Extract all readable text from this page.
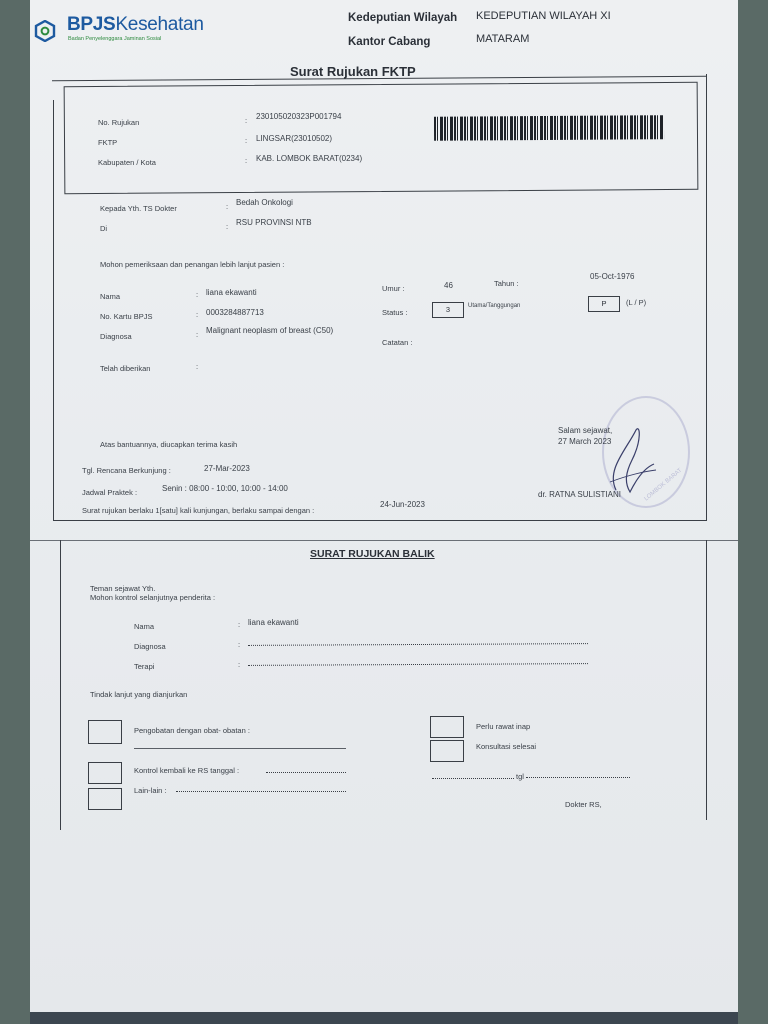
BPJSKesehatan
Badan Penyelenggara Jaminan Sosial
Kedeputian Wilayah KEDEPUTIAN WILAYAH XI
Kantor Cabang	MATARAM
Surat Rujukan FKTP
No. Rujukan	: 230105020323P001794
FKTP	: LINGSAR(23010502)
Kabupaten / Kota	: KAB. LOMBOK BARAT(0234)
Kepada Yth. TS Dokter	: Bedah Onkologi
Di	: RSU PROVINSI NTB
Mohon pemeriksaan dan penangan lebih lanjut pasien :
Nama	: liana ekawanti
No. Kartu BPJS	: 0003284887713
Diagnosa	: Malignant neoplasm of breast (C50)
Umur :	46	Tahun :
05-Oct-1976
Status :	3	Utama/Tanggungan	P	(L / P)
Catatan :
Telah diberikan	:
Atas bantuannya, diucapkan terima kasih
Tgl. Rencana Berkunjung :	27-Mar-2023
Jadwal Praktek :	Senin : 08:00 - 10:00, 10:00 - 14:00
Surat rujukan berlaku 1[satu] kali kunjungan, berlaku sampai dengan :
24-Jun-2023
LOMBOK BARAT
Salam sejawat,
27 March 2023
dr. RATNA SULISTIANI
SURAT RUJUKAN BALIK
Teman sejawat Yth.
Mohon kontrol selanjutnya penderita :
Nama	: liana ekawanti
Diagnosa	:
Terapi	:
Tindak lanjut yang dianjurkan
Pengobatan dengan obat- obatan :
Kontrol kembali ke RS tanggal :
Lain-lain :
Perlu rawat inap
Konsultasi selesai
tgl
Dokter RS,
